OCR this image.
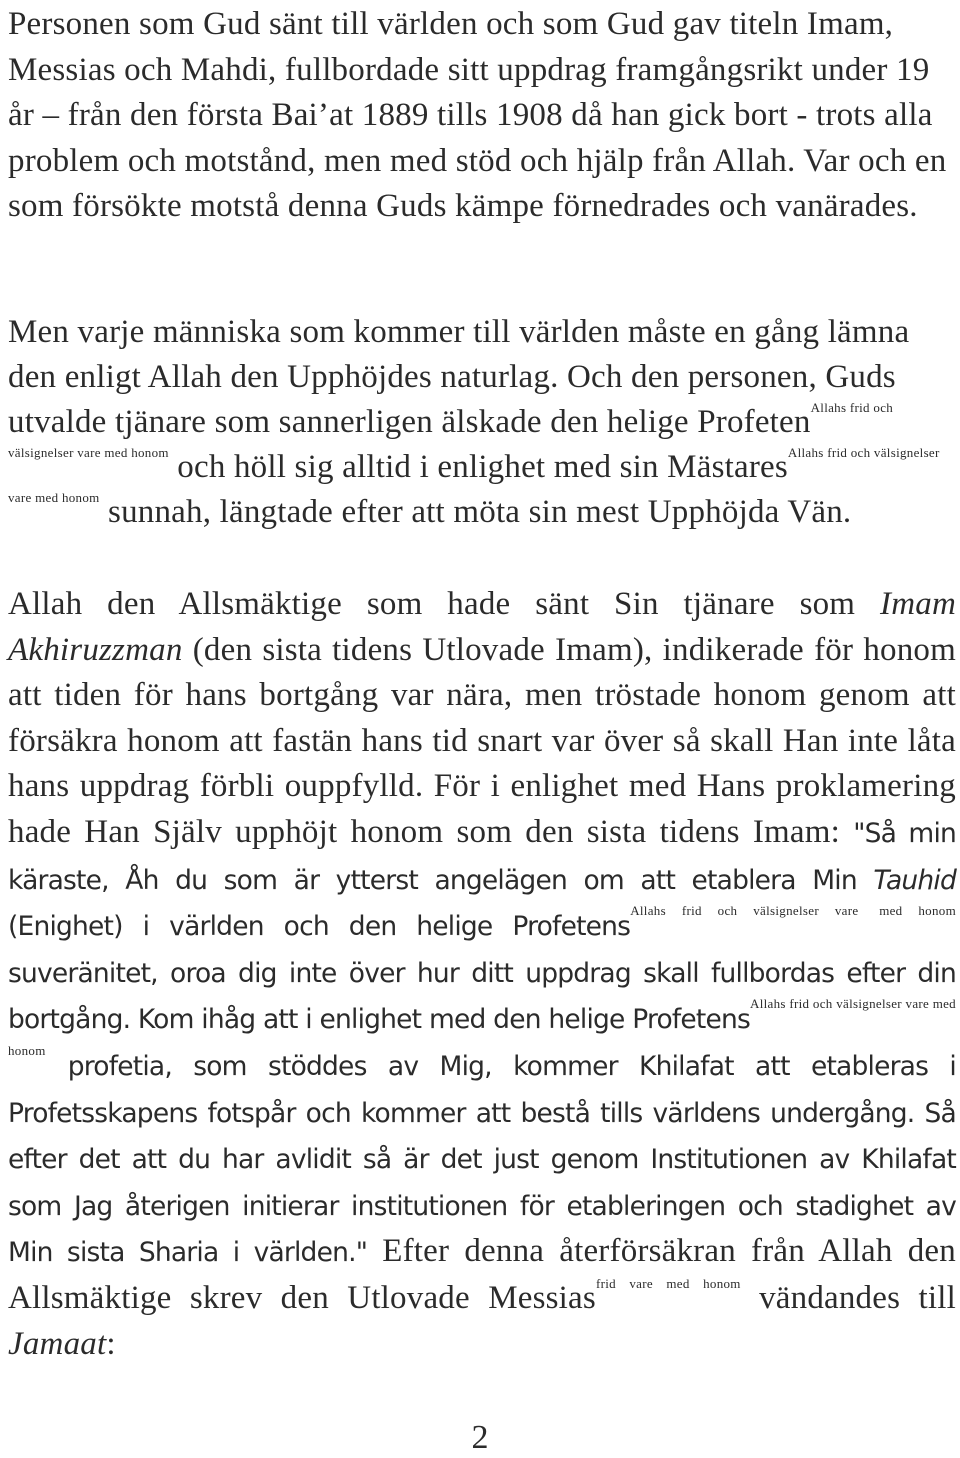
Personen som Gud sänt till världen och som Gud gav titeln Imam, Messias och Mahdi, fullbordade sitt uppdrag framgångsrikt under 19 år – från den första Bai’at 1889 tills 1908 då han gick bort - trots alla problem och motstånd, men med stöd och hjälp från Allah. Var och en som försökte motstå denna Guds kämpe förnedrades och vanärades.

Men varje människa som kommer till världen måste en gång lämna den enligt Allah den Upphöjdes naturlag. Och den personen, Guds utvalde tjänare som sannerligen älskade den helige Profeten$^{Allahs frid och}$ $^{välsignelser vare med honom}$ och höll sig alltid i enlighet med sin Mästares$^{Allahs frid och välsignelser}$ $^{vare med honom}$ sunnah, längtade efter att möta sin mest Upphöjda Vän.

Allah den Allsmäktige som hade sänt Sin tjänare som Imam Akhiruzzman (den sista tidens Utlovade Imam), indikerade för honom att tiden för hans bortgång var nära, men tröstade honom genom att försäkra honom att fastän hans tid snart var över så skall Han inte låta hans uppdrag förbli ouppfylld. För i enlighet med Hans proklamering hade Han Själv upphöjt honom som den sista tidens Imam: "Så min käraste, Åh du som är ytterst angelägen om att etablera Min Tauhid (Enighet) i världen och den helige Profetens$^{Allahs frid och välsignelser vare}$ $^{med honom}$ suveränitet, oroa dig inte över hur ditt uppdrag skall fullbordas efter din bortgång. Kom ihåg att i enlighet med den helige Profetens$^{Allahs frid och välsignelser vare med}$ $^{honom}$ profetia, som stöddes av Mig, kommer Khilafat att etableras i Profetsskapens fotspår och kommer att bestå tills världens undergång. Så efter det att du har avlidit så är det just genom Institutionen av Khilafat som Jag återigen initierar institutionen för etableringen och stadighet av Min sista Sharia i världen." Efter denna återförsäkran från Allah den Allsmäktige skrev den Utlovade Messias$^{frid vare med honom}$ vändandes till Jamaat:

2
